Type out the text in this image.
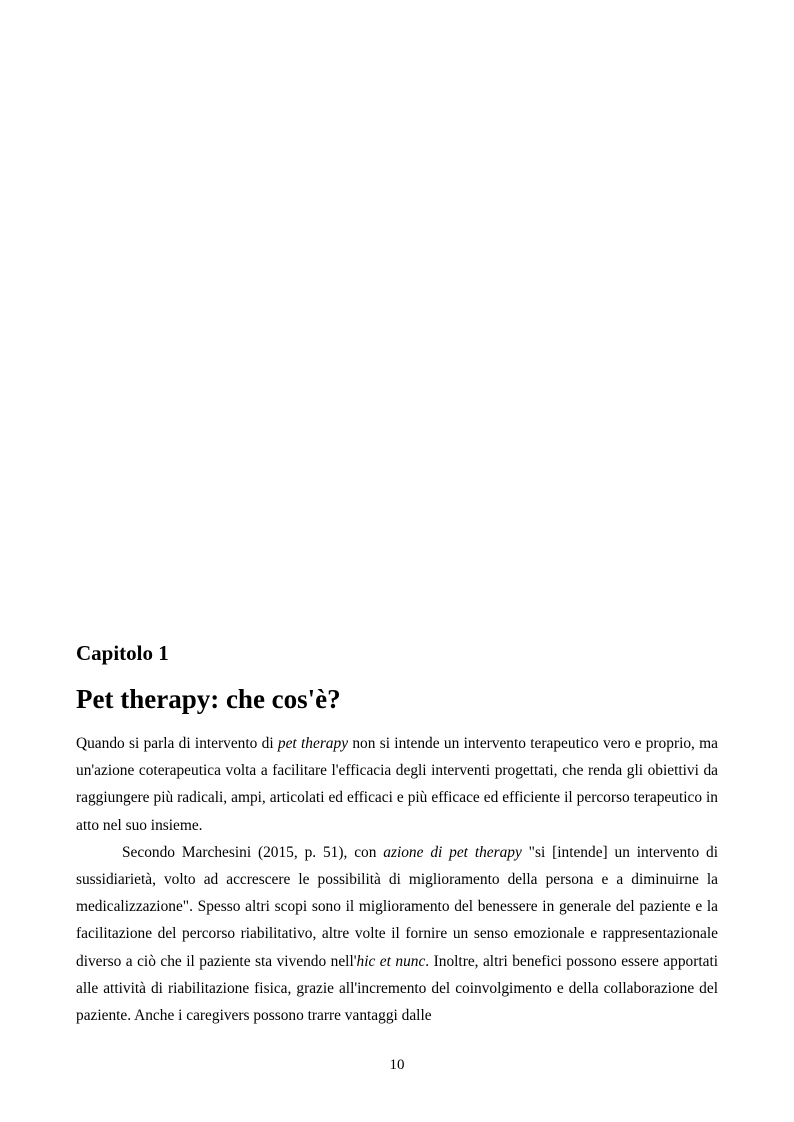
Capitolo 1
Pet therapy: che cos'è?

Quando si parla di intervento di pet therapy non si intende un intervento terapeutico vero e proprio, ma un'azione coterapeutica volta a facilitare l'efficacia degli interventi progettati, che renda gli obiettivi da raggiungere più radicali, ampi, articolati ed efficaci e più efficace ed efficiente il percorso terapeutico in atto nel suo insieme.

Secondo Marchesini (2015, p. 51), con azione di pet therapy "si [intende] un intervento di sussidiarietà, volto ad accrescere le possibilità di miglioramento della persona e a diminuirne la medicalizzazione". Spesso altri scopi sono il miglioramento del benessere in generale del paziente e la facilitazione del percorso riabilitativo, altre volte il fornire un senso emozionale e rappresentazionale diverso a ciò che il paziente sta vivendo nell'hic et nunc. Inoltre, altri benefici possono essere apportati alle attività di riabilitazione fisica, grazie all'incremento del coinvolgimento e della collaborazione del paziente. Anche i caregivers possono trarre vantaggi dalle

10
